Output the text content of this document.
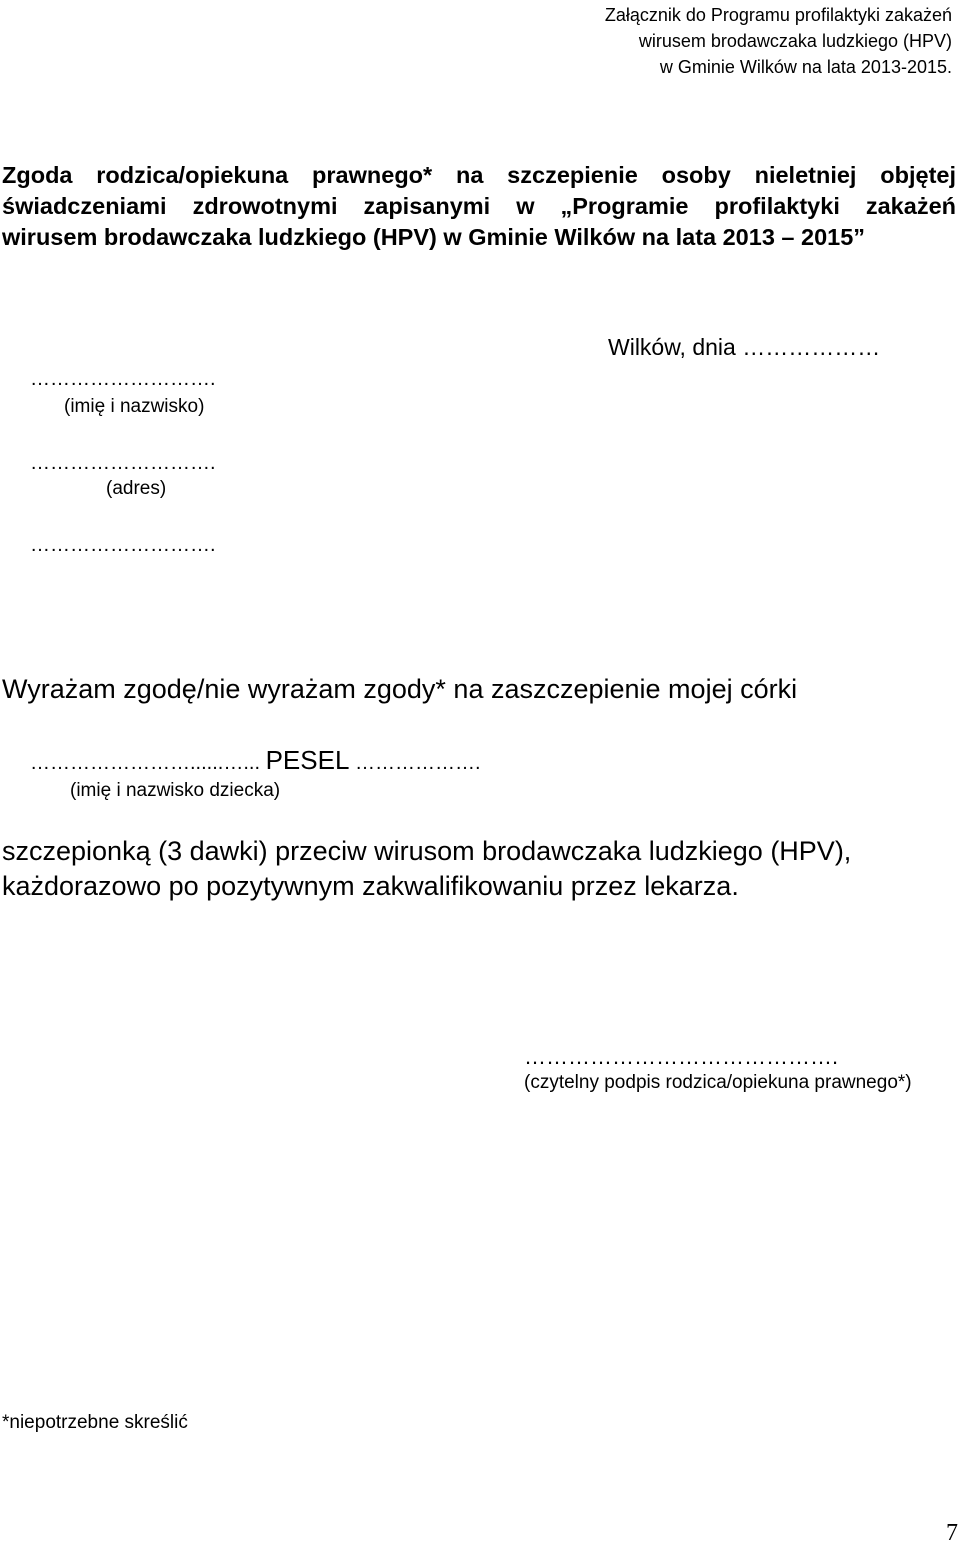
Załącznik do Programu profilaktyki zakażeń
wirusem brodawczaka ludzkiego (HPV)
w Gminie Wilków na lata 2013-2015.
Zgoda rodzica/opiekuna prawnego* na szczepienie osoby nieletniej objętej
świadczeniami zdrowotnymi zapisanymi w „Programie profilaktyki zakażeń
wirusem brodawczaka ludzkiego (HPV) w Gminie Wilków na lata 2013 – 2015”
Wilków, dnia ………………
……………………….
(imię i nazwisko)
……………………….
(adres)
……………………….
Wyrażam zgodę/nie wyrażam zgody* na zaszczepienie mojej córki
……………………......…... PESEL ……………….
(imię i nazwisko dziecka)
szczepionką (3 dawki) przeciw wirusom brodawczaka ludzkiego (HPV), każdorazowo po pozytywnym zakwalifikowaniu przez lekarza.
…………………………………….
(czytelny podpis rodzica/opiekuna prawnego*)
*niepotrzebne skreślić
7
